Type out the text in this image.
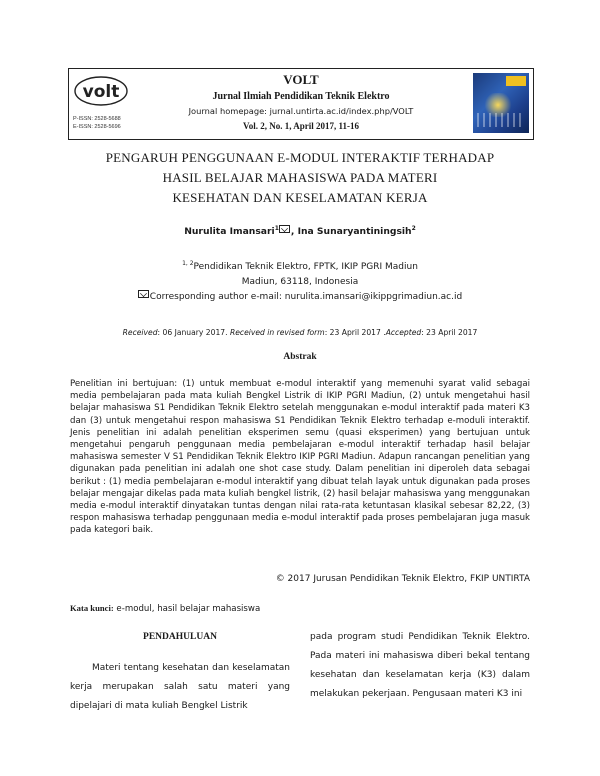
volt
P-ISSN: 2528-5688
E-ISSN: 2528-5696
VOLT
Jurnal Ilmiah Pendidikan Teknik Elektro
Journal homepage: jurnal.untirta.ac.id/index.php/VOLT
Vol. 2, No. 1, April 2017, 11-16
PENGARUH PENGGUNAAN E-MODUL INTERAKTIF TERHADAP
HASIL BELAJAR MAHASISWA PADA MATERI
KESEHATAN DAN KESELAMATAN KERJA
Nurulita Imansari$^1$ , Ina Sunaryantiningsih$^2$
$^{1, 2}$Pendidikan Teknik Elektro, FPTK, IKIP PGRI Madiun
Madiun, 63118, Indonesia
Corresponding author e-mail: nurulita.imansari@ikippgrimadiun.ac.id
Received: 06 January 2017. Received in revised form: 23 April 2017 .Accepted: 23 April 2017
Abstrak
Penelitian ini bertujuan: (1) untuk membuat e-modul interaktif yang memenuhi syarat valid sebagai media pembelajaran pada mata kuliah Bengkel Listrik di IKIP PGRI Madiun, (2) untuk mengetahui hasil belajar mahasiswa S1 Pendidikan Teknik Elektro setelah menggunakan e-modul interaktif pada materi K3 dan (3) untuk mengetahui respon mahasiswa S1 Pendidikan Teknik Elektro terhadap e-moduli interaktif. Jenis penelitian ini adalah penelitian eksperimen semu (quasi eksperimen) yang bertujuan untuk mengetahui pengaruh penggunaan media pembelajaran e-modul interaktif terhadap hasil belajar mahasiswa semester V S1 Pendidikan Teknik Elektro IKIP PGRI Madiun. Adapun rancangan penelitian yang digunakan pada penelitian ini adalah one shot case study. Dalam penelitian ini diperoleh data sebagai berikut : (1) media pembelajaran e-modul interaktif yang dibuat telah layak untuk digunakan pada proses belajar mengajar dikelas pada mata kuliah bengkel listrik, (2) hasil belajar mahasiswa yang menggunakan media e-modul interaktif dinyatakan tuntas dengan nilai rata-rata ketuntasan klasikal sebesar 82,22, (3) respon mahasiswa terhadap penggunaan media e-modul interaktif pada proses pembelajaran juga masuk pada kategori baik.
© 2017 Jurusan Pendidikan Teknik Elektro, FKIP UNTIRTA
Kata kunci: e-modul, hasil belajar mahasiswa
PENDAHULUAN
Materi tentang kesehatan dan keselamatan kerja merupakan salah satu materi yang dipelajari di mata kuliah Bengkel Listrik
pada program studi Pendidikan Teknik Elektro. Pada materi ini mahasiswa diberi bekal tentang kesehatan dan keselamatan kerja (K3) dalam melakukan pekerjaan. Pengusaan materi K3 ini
